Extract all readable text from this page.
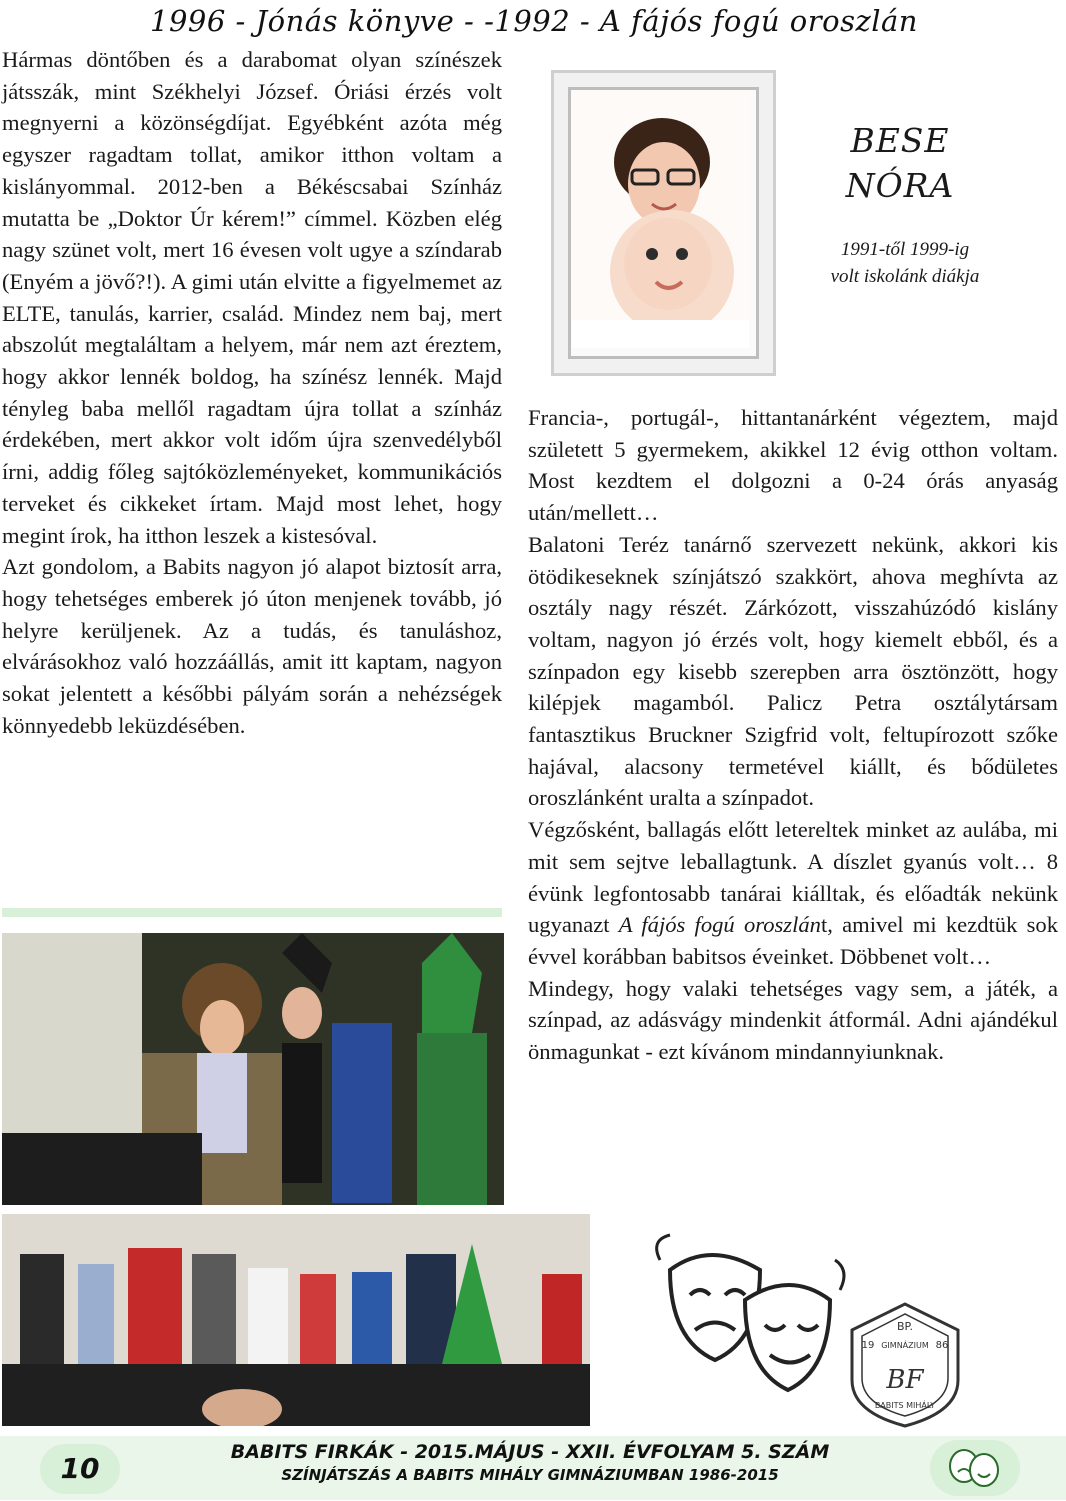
1996 - Jónás könyve - -1992 - A fájós fogú oroszlán

Hármas döntőben és a darabomat olyan színészek játsszák, mint Székhelyi József. Óriási érzés volt megnyerni a közönségdíjat. Egyébként azóta még egyszer ragadtam tollat, amikor itthon voltam a kislányommal. 2012-ben a Békéscsabai Színház mutatta be „Doktor Úr kérem!” címmel. Közben elég nagy szünet volt, mert 16 évesen volt ugye a színdarab (Enyém a jövő?!). A gimi után elvitte a figyelmemet az ELTE, tanulás, karrier, család. Mindez nem baj, mert abszolút megtaláltam a helyem, már nem azt éreztem, hogy akkor lennék boldog, ha színész lennék. Majd tényleg baba mellől ragadtam újra tollat a színház érdekében, mert akkor volt időm újra szenvedélyből írni, addig főleg sajtóközleményeket, kommunikációs terveket és cikkeket írtam. Majd most lehet, hogy megint írok, ha itthon leszek a kistesóval.

Azt gondolom, a Babits nagyon jó alapot biztosít arra, hogy tehetséges emberek jó úton menjenek tovább, jó helyre kerüljenek. Az a tudás, és tanuláshoz, elvárásokhoz való hozzáállás, amit itt kaptam, nagyon sokat jelentett a későbbi pályám során a nehézségek könnyedebb leküzdésében.

BESE
NÓRA
1991-től 1999-ig
volt iskolánk diákja

Francia-, portugál-, hittantanárként végeztem, majd született 5 gyermekem, akikkel 12 évig otthon voltam. Most kezdtem el dolgozni a 0-24 órás anyaság után/mellett…

Balatoni Teréz tanárnő szervezett nekünk, akkori kis ötödikeseknek színjátszó szakkört, ahova meghívta az osztály nagy részét. Zárkózott, visszahúzódó kislány voltam, nagyon jó érzés volt, hogy kiemelt ebből, és a színpadon egy kisebb szerepben arra ösztönzött, hogy kilépjek magamból. Palicz Petra osztálytársam fantasztikus Bruckner Szigfrid volt, feltupírozott szőke hajával, alacsony termetével kiállt, és bődületes oroszlánként uralta a színpadot.

Végzősként, ballagás előtt letereltek minket az aulába, mi mit sem sejtve leballagtunk. A díszlet gyanús volt… 8 évünk legfontosabb tanárai kiálltak, és előadták nekünk ugyanazt A fájós fogú oroszlánt, amivel mi kezdtük sok évvel korábban babitsos éveinket. Döbbenet volt…

Mindegy, hogy valaki tehetséges vagy sem, a játék, a színpad, az adásvágy mindenkit átformál. Adni ajándékul önmagunkat - ezt kívánom mindannyiunknak.

BP.
19 GIMNÁZIUM 86
BF
BABITS MIHÁLY
10	BABITS FIRKÁK - 2015.MÁJUS - XXII. ÉVFOLYAM 5. SZÁM
SZÍNJÁTSZÁS A BABITS MIHÁLY GIMNÁZIUMBAN 1986-2015
